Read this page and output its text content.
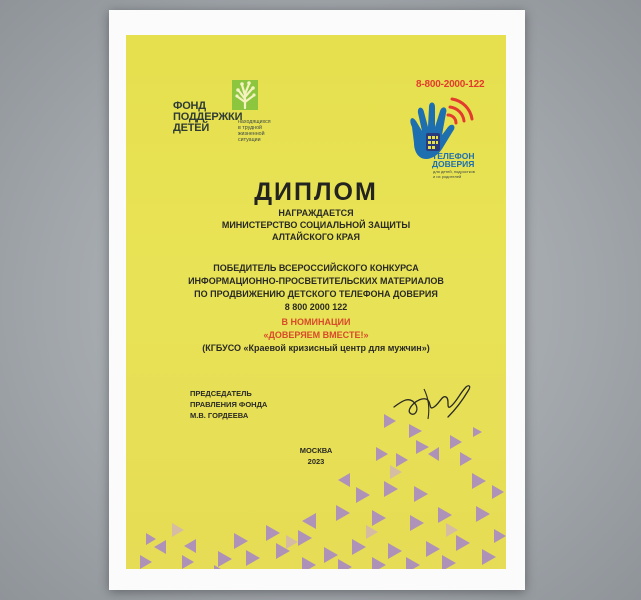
ФОНД
ПОДДЕРЖКИ
ДЕТЕЙ	находящихся
в трудной
жизненной
ситуации
8-800-2000-122
ТЕЛЕФОН
ДОВЕРИЯ
для детей, подростков
и их родителей
ДИПЛОМ
НАГРАЖДАЕТСЯ
МИНИСТЕРСТВО СОЦИАЛЬНОЙ ЗАЩИТЫ
АЛТАЙСКОГО КРАЯ
ПОБЕДИТЕЛЬ ВСЕРОССИЙСКОГО КОНКУРСА
ИНФОРМАЦИОННО-ПРОСВЕТИТЕЛЬСКИХ МАТЕРИАЛОВ
ПО ПРОДВИЖЕНИЮ ДЕТСКОГО ТЕЛЕФОНА ДОВЕРИЯ
8 800 2000 122
В НОМИНАЦИИ
«ДОВЕРЯЕМ ВМЕСТЕ!»
(КГБУСО «Краевой кризисный центр для мужчин»)
ПРЕДСЕДАТЕЛЬ
ПРАВЛЕНИЯ ФОНДА
М.В. ГОРДЕЕВА
МОСКВА
2023
